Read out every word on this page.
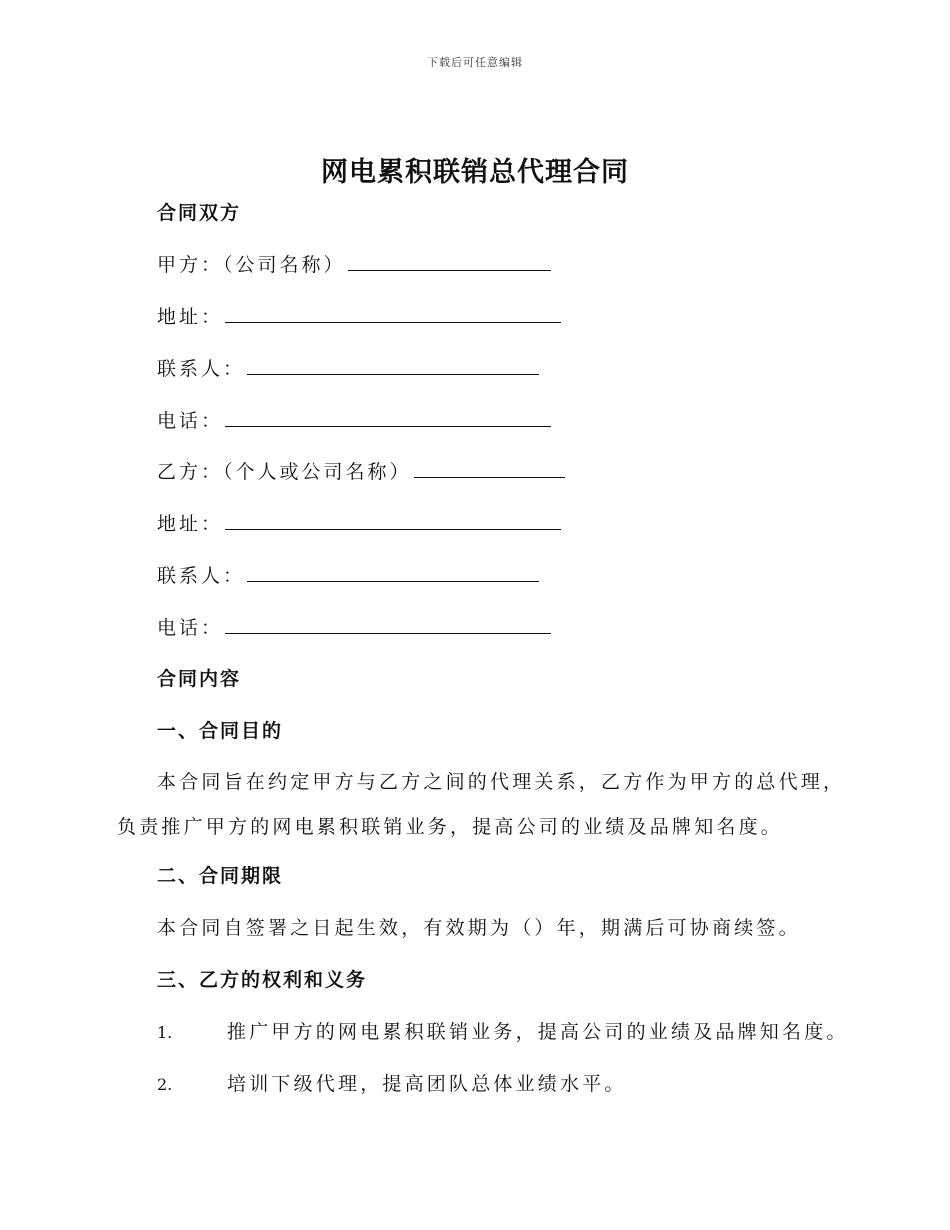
下载后可任意编辑
网电累积联销总代理合同
合同双方
甲方：（公司名称）
地址：
联系人：
电话：
乙方：（个人或公司名称）
地址：
联系人：
电话：
合同内容
一、合同目的
本合同旨在约定甲方与乙方之间的代理关系，乙方作为甲方的总代理，
负责推广甲方的网电累积联销业务，提高公司的业绩及品牌知名度。
二、合同期限
本合同自签署之日起生效，有效期为（）年，期满后可协商续签。
三、乙方的权利和义务
1.	推广甲方的网电累积联销业务，提高公司的业绩及品牌知名度。
2.	培训下级代理，提高团队总体业绩水平。
